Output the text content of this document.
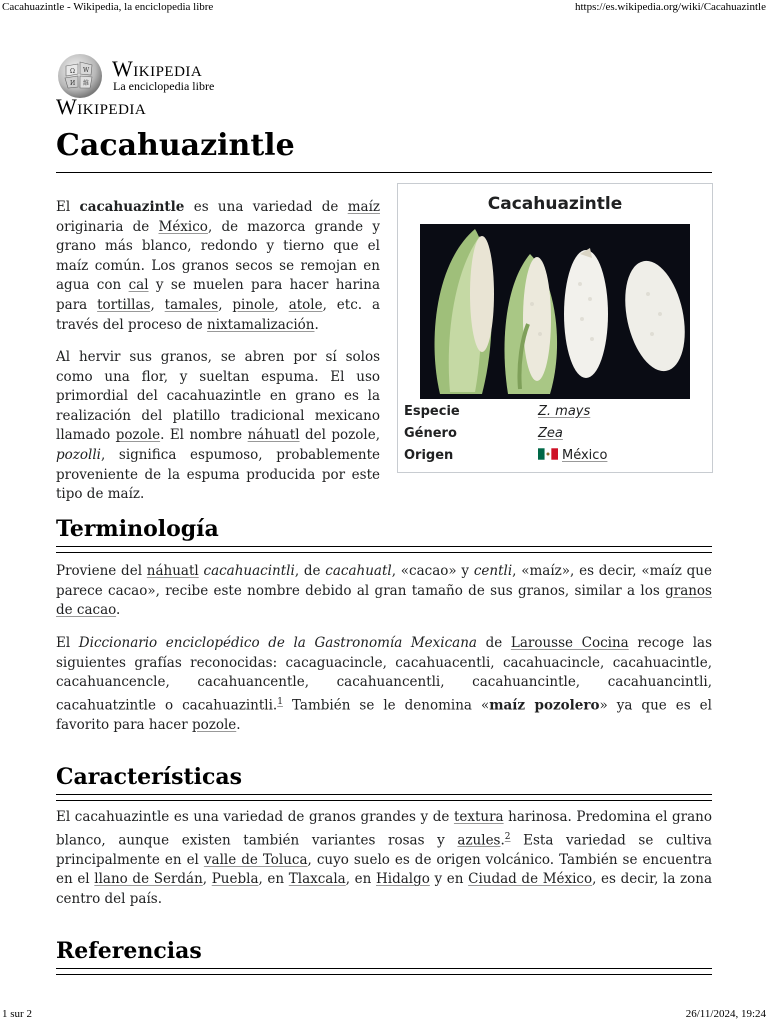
Cacahuazintle - Wikipedia, la enciclopedia libre	https://es.wikipedia.org/wiki/Cacahuazintle
Ω W
И 維
Wikipedia
La enciclopedia libre
Wikipedia
Cacahuazintle

El cacahuazintle es una variedad de maíz originaria de México, de mazorca grande y grano más blanco, redondo y tierno que el maíz común. Los granos secos se remojan en agua con cal y se muelen para hacer harina para tortillas, tamales, pinole, atole, etc. a través del proceso de nixtamalización.

Al hervir sus granos, se abren por sí solos como una flor, y sueltan espuma. El uso primordial del cacahuazintle en grano es la realización del platillo tradicional mexicano llamado pozole. El nombre náhuatl del pozole, pozolli, significa espumoso, probablemente proveniente de la espuma producida por este tipo de maíz.

Cacahuazintle
Especie	Z. mays
Género	Zea
Origen	México
Terminología

Proviene del náhuatl cacahuacintli, de cacahuatl, «cacao» y centli, «maíz», es decir, «maíz que parece cacao», recibe este nombre debido al gran tamaño de sus granos, similar a los granos de cacao.

El Diccionario enciclopédico de la Gastronomía Mexicana de Larousse Cocina recoge las siguientes grafías reconocidas: cacaguacincle, cacahuacentli, cacahuacincle, cacahuacintle, cacahuancencle, cacahuancentle, cacahuancentli, cacahuancintle, cacahuancintli, cacahuatzintle o cacahuazintli.$^1$ También se le denomina «maíz pozolero» ya que es el favorito para hacer pozole.

Características

El cacahuazintle es una variedad de granos grandes y de textura harinosa. Predomina el grano blanco, aunque existen también variantes rosas y azules.$^2$ Esta variedad se cultiva principalmente en el valle de Toluca, cuyo suelo es de origen volcánico. También se encuentra en el llano de Serdán, Puebla, en Tlaxcala, en Hidalgo y en Ciudad de México, es decir, la zona centro del país.

Referencias
1 sur 2	26/11/2024, 19:24
